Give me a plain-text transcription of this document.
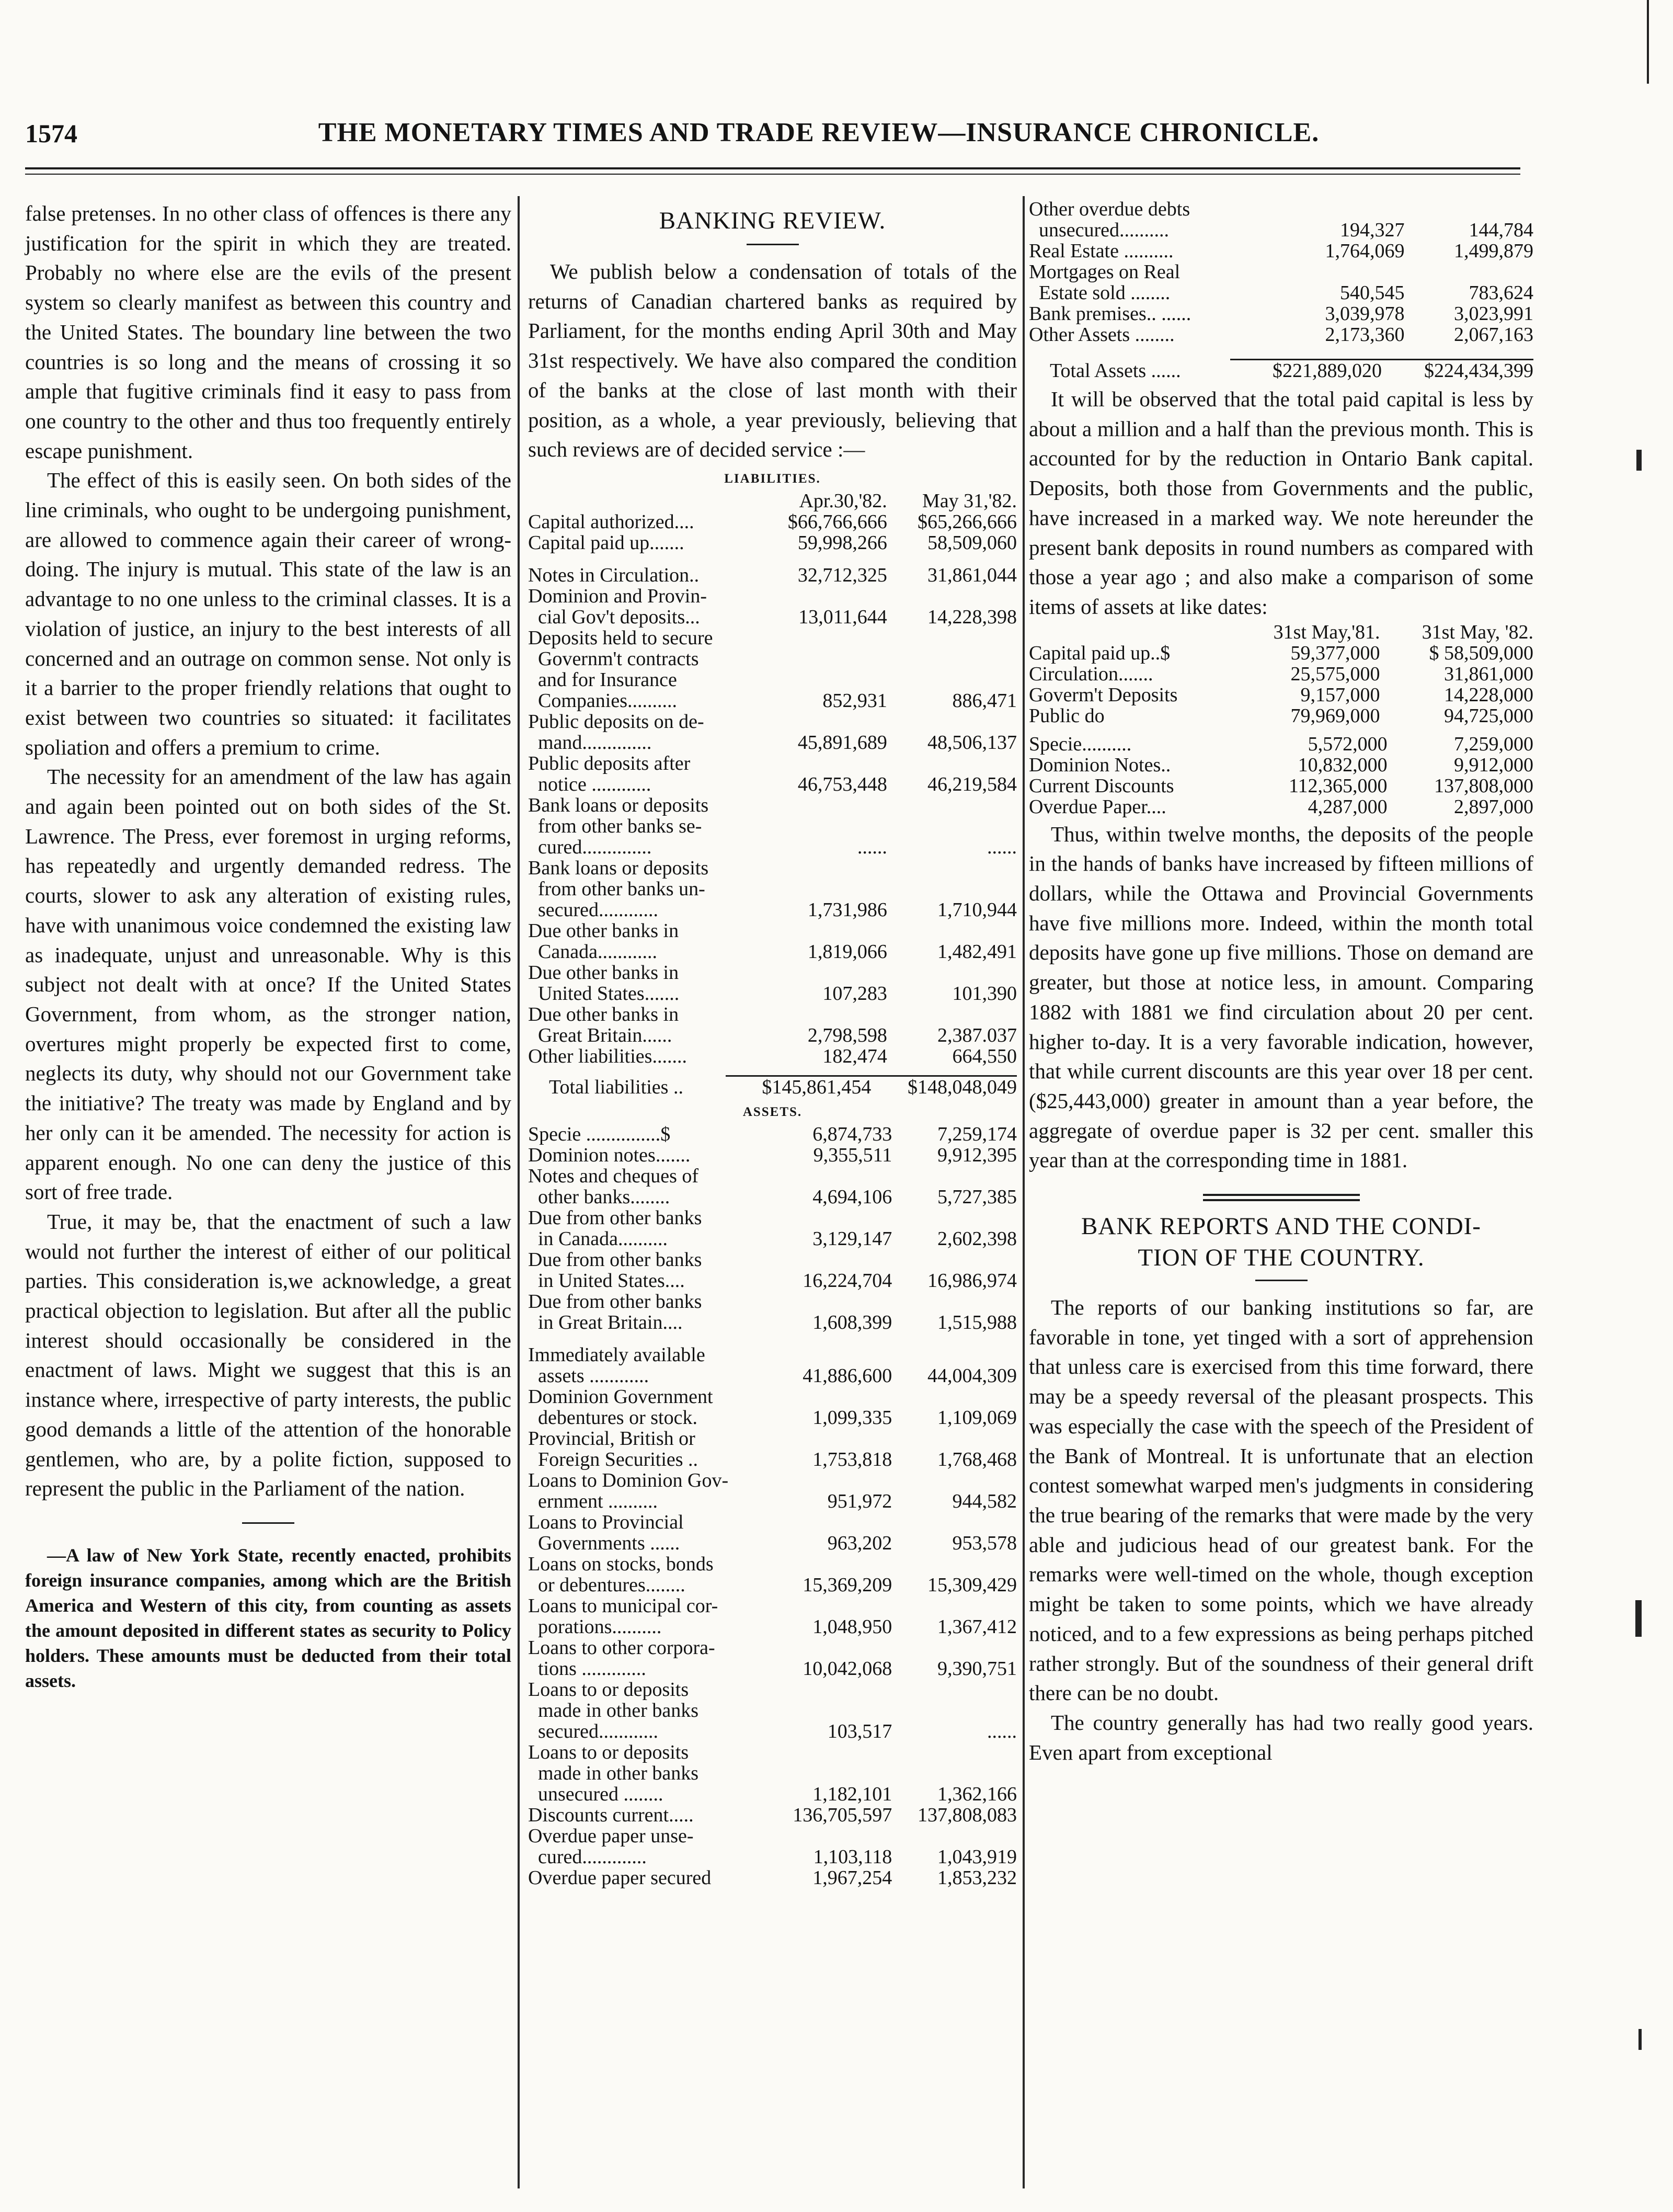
1574	THE MONETARY TIMES AND TRADE REVIEW—INSURANCE CHRONICLE.

false pretenses. In no other class of offences is there any justification for the spirit in which they are treated. Probably no where else are the evils of the present system so clearly manifest as between this country and the United States. The boundary line between the two countries is so long and the means of crossing it so ample that fugitive criminals find it easy to pass from one country to the other and thus too frequently entirely escape punishment.

The effect of this is easily seen. On both sides of the line criminals, who ought to be undergoing punishment, are allowed to commence again their career of wrong-doing. The injury is mutual. This state of the law is an advantage to no one unless to the criminal classes. It is a violation of justice, an injury to the best interests of all concerned and an outrage on common sense. Not only is it a barrier to the proper friendly relations that ought to exist between two countries so situated: it facilitates spoliation and offers a premium to crime.

The necessity for an amendment of the law has again and again been pointed out on both sides of the St. Lawrence. The Press, ever foremost in urging reforms, has repeatedly and urgently demanded redress. The courts, slower to ask any alteration of existing rules, have with unanimous voice condemned the existing law as inadequate, unjust and unreasonable. Why is this subject not dealt with at once? If the United States Government, from whom, as the stronger nation, overtures might properly be expected first to come, neglects its duty, why should not our Government take the initiative? The treaty was made by England and by her only can it be amended. The necessity for action is apparent enough. No one can deny the justice of this sort of free trade.

True, it may be, that the enactment of such a law would not further the interest of either of our political parties. This consideration is,we acknowledge, a great practical objection to legislation. But after all the public interest should occasionally be considered in the enactment of laws. Might we suggest that this is an instance where, irrespective of party interests, the public good demands a little of the attention of the honorable gentlemen, who are, by a polite fiction, supposed to represent the public in the Parliament of the nation.

—A law of New York State, recently enacted, prohibits foreign insurance companies, among which are the British America and Western of this city, from counting as assets the amount deposited in different states as security to Policy holders. These amounts must be deducted from their total assets.

BANKING REVIEW.

We publish below a condensation of totals of the returns of Canadian chartered banks as required by Parliament, for the months ending April 30th and May 31st respectively. We have also compared the condition of the banks at the close of last month with their position, as a whole, a year previously, believing that such reviews are of decided service :—

LIABILITIES.
	Apr.30,'82.	May 31,'82.
Capital authorized....	$66,766,666	$65,266,666
Capital paid up.......	59,998,266	58,509,060
Notes in Circulation..	32,712,325	31,861,044
Dominion and Provin-
cial Gov't deposits...	13,011,644	14,228,398
Deposits held to secure
Governm't contracts
and for Insurance
Companies..........	852,931	886,471
Public deposits on de-
mand..............	45,891,689	48,506,137
Public deposits after
notice ............	46,753,448	46,219,584
Bank loans or deposits
from other banks se-
cured..............	......	......
Bank loans or deposits
from other banks un-
secured............	1,731,986	1,710,944
Due other banks in
Canada............	1,819,066	1,482,491
Due other banks in
United States.......	107,283	101,390
Due other banks in
Great Britain......	2,798,598	2,387.037
Other liabilities.......	182,474	664,550
Total liabilities ..	$145,861,454	$148,048,049
ASSETS.
Specie ...............$	6,874,733	7,259,174
Dominion notes.......	9,355,511	9,912,395
Notes and cheques of
other banks........	4,694,106	5,727,385
Due from other banks
in Canada..........	3,129,147	2,602,398
Due from other banks
in United States....	16,224,704	16,986,974
Due from other banks
in Great Britain....	1,608,399	1,515,988
Immediately available
assets ............	41,886,600	44,004,309
Dominion Government
debentures or stock.	1,099,335	1,109,069
Provincial, British or
Foreign Securities ..	1,753,818	1,768,468
Loans to Dominion Gov-
ernment ..........	951,972	944,582
Loans to Provincial
Governments ......	963,202	953,578
Loans on stocks, bonds
or debentures........	15,369,209	15,309,429
Loans to municipal cor-
porations..........	1,048,950	1,367,412
Loans to other corpora-
tions .............	10,042,068	9,390,751
Loans to or deposits
made in other banks
secured............	103,517	......
Loans to or deposits
made in other banks
unsecured ........	1,182,101	1,362,166
Discounts current.....	136,705,597	137,808,083
Overdue paper unse-
cured.............	1,103,118	1,043,919
Overdue paper secured	1,967,254	1,853,232
Other overdue debts
unsecured..........	194,327	144,784
Real Estate ..........	1,764,069	1,499,879
Mortgages on Real
Estate sold ........	540,545	783,624
Bank premises.. ......	3,039,978	3,023,991
Other Assets ........	2,173,360	2,067,163
Total Assets ......	$221,889,020	$224,434,399

It will be observed that the total paid capital is less by about a million and a half than the previous month. This is accounted for by the reduction in Ontario Bank capital. Deposits, both those from Governments and the public, have increased in a marked way. We note hereunder the present bank deposits in round numbers as compared with those a year ago ; and also make a comparison of some items of assets at like dates:

	31st May,'81.	31st May, '82.
Capital paid up..$	59,377,000	$ 58,509,000
Circulation.......	25,575,000	31,861,000
Goverm't Deposits	9,157,000	14,228,000
Public do	79,969,000	94,725,000
Specie..........	5,572,000	7,259,000
Dominion Notes..	10,832,000	9,912,000
Current Discounts	112,365,000	137,808,000
Overdue Paper....	4,287,000	2,897,000

Thus, within twelve months, the deposits of the people in the hands of banks have increased by fifteen millions of dollars, while the Ottawa and Provincial Governments have five millions more. Indeed, within the month total deposits have gone up five millions. Those on demand are greater, but those at notice less, in amount. Comparing 1882 with 1881 we find circulation about 20 per cent. higher to-day. It is a very favorable indication, however, that while current discounts are this year over 18 per cent. ($25,443,000) greater in amount than a year before, the aggregate of overdue paper is 32 per cent. smaller this year than at the corresponding time in 1881.

BANK REPORTS AND THE CONDI-
TION OF THE COUNTRY.

The reports of our banking institutions so far, are favorable in tone, yet tinged with a sort of apprehension that unless care is exercised from this time forward, there may be a speedy reversal of the pleasant prospects. This was especially the case with the speech of the President of the Bank of Montreal. It is unfortunate that an election contest somewhat warped men's judgments in considering the true bearing of the remarks that were made by the very able and judicious head of our greatest bank. For the remarks were well-timed on the whole, though exception might be taken to some points, which we have already noticed, and to a few expressions as being perhaps pitched rather strongly. But of the soundness of their general drift there can be no doubt.

The country generally has had two really good years. Even apart from exceptional
